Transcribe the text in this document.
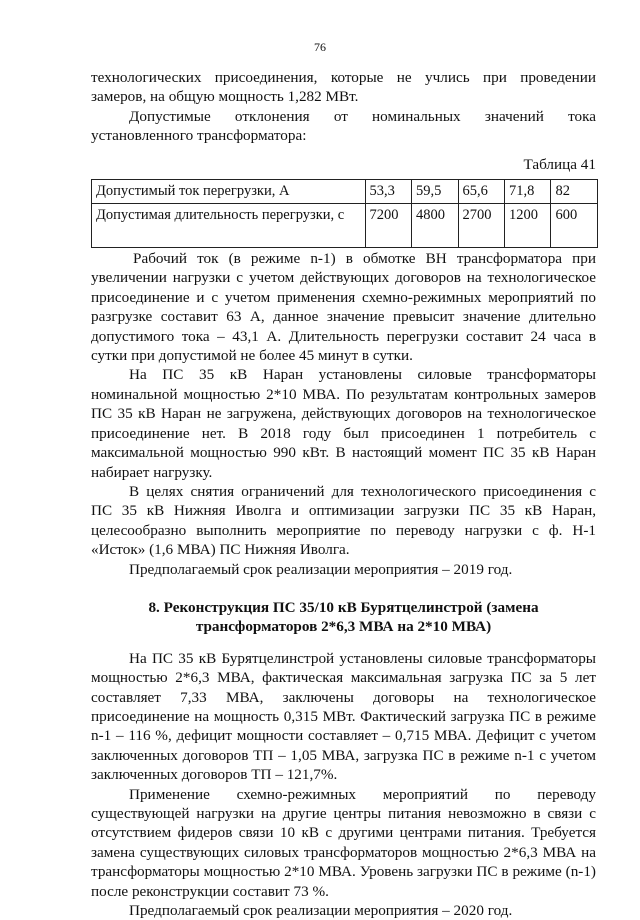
76

технологических присоединения, которые не учлись при проведении замеров, на общую мощность 1,282 МВт.

Допустимые отклонения от номинальных значений тока установленного трансформатора:

Таблица 41

Допустимый ток перегрузки, А	53,3	59,5	65,6	71,8	82
Допустимая длительность перегрузки, с	7200	4800	2700	1200	600

Рабочий ток (в режиме n-1) в обмотке ВН трансформатора при увеличении нагрузки с учетом действующих договоров на технологическое присоединение и с учетом применения схемно-режимных мероприятий по разгрузке составит 63 А, данное значение превысит значение длительно допустимого тока – 43,1 А. Длительность перегрузки составит 24 часа в сутки при допустимой не более 45 минут в сутки.

На ПС 35 кВ Наран установлены силовые трансформаторы номинальной мощностью 2*10 МВА. По результатам контрольных замеров ПС 35 кВ Наран не загружена, действующих договоров на технологическое присоединение нет. В 2018 году был присоединен 1 потребитель с максимальной мощностью 990 кВт. В настоящий момент ПС 35 кВ Наран набирает нагрузку.

В целях снятия ограничений для технологического присоединения с ПС 35 кВ Нижняя Иволга и оптимизации загрузки ПС 35 кВ Наран, целесообразно выполнить мероприятие по переводу нагрузки с ф. Н-1 «Исток» (1,6 МВА) ПС Нижняя Иволга.

Предполагаемый срок реализации мероприятия – 2019 год.

8. Реконструкция ПС 35/10 кВ Бурятцелинстрой (замена
трансформаторов 2*6,3 МВА на 2*10 МВА)

На ПС 35 кВ Бурятцелинстрой установлены силовые трансформаторы мощностью 2*6,3 МВА, фактическая максимальная загрузка ПС за 5 лет составляет 7,33 МВА, заключены договоры на технологическое присоединение на мощность 0,315 МВт. Фактический загрузка ПС в режиме n-1 – 116 %, дефицит мощности составляет – 0,715 МВА. Дефицит с учетом заключенных договоров ТП – 1,05 МВА, загрузка ПС в режиме n-1 с учетом заключенных договоров ТП – 121,7%.

Применение схемно-режимных мероприятий по переводу существующей нагрузки на другие центры питания невозможно в связи с отсутствием фидеров связи 10 кВ с другими центрами питания. Требуется замена существующих силовых трансформаторов мощностью 2*6,3 МВА на трансформаторы мощностью 2*10 МВА. Уровень загрузки ПС в режиме (n-1) после реконструкции составит 73 %.

Предполагаемый срок реализации мероприятия – 2020 год.
